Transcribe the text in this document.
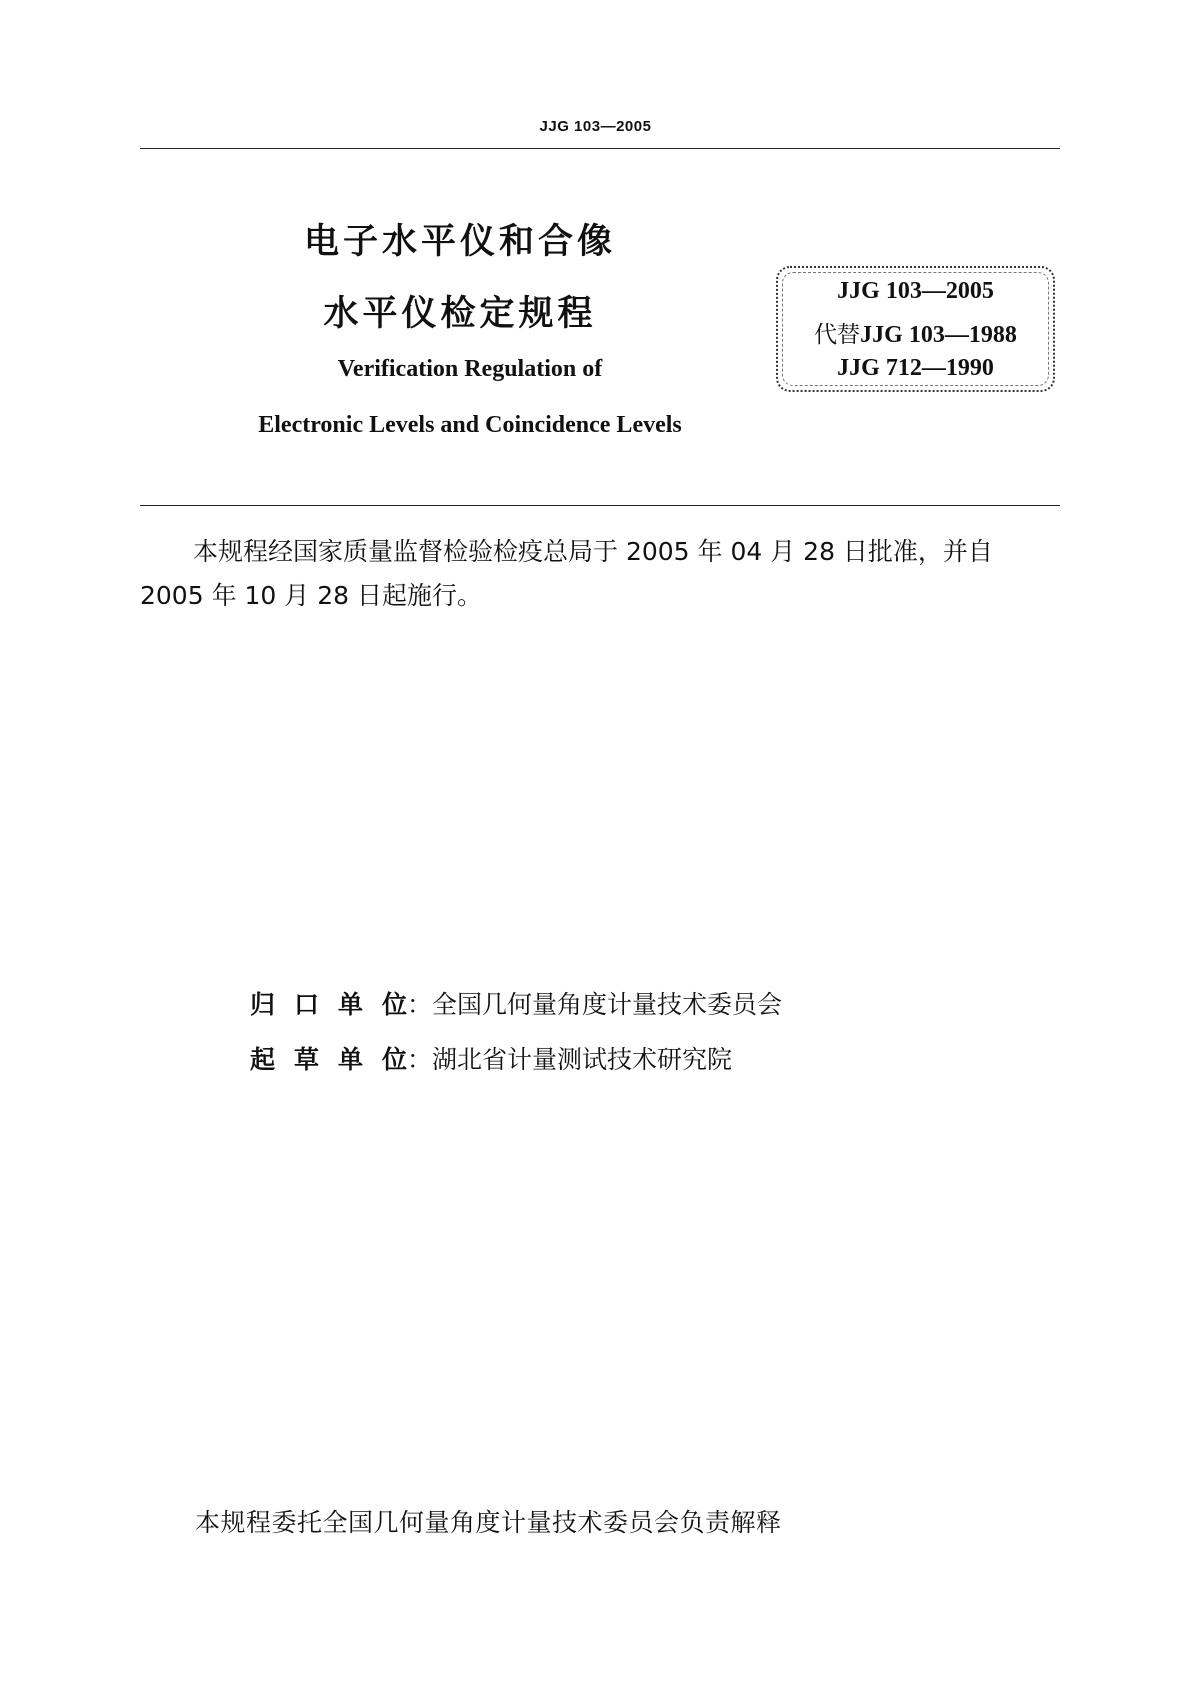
JJG 103—2005
电子水平仪和合像
水平仪检定规程
Verification Regulation of
Electronic Levels and Coincidence Levels
JJG 103—2005
代替JJG 103—1988
JJG 712—1990
本规程经国家质量监督检验检疫总局于 2005 年 04 月 28 日批准，并自
2005 年 10 月 28 日起施行。
归口单位：全国几何量角度计量技术委员会
起草单位：湖北省计量测试技术研究院
本规程委托全国几何量角度计量技术委员会负责解释
